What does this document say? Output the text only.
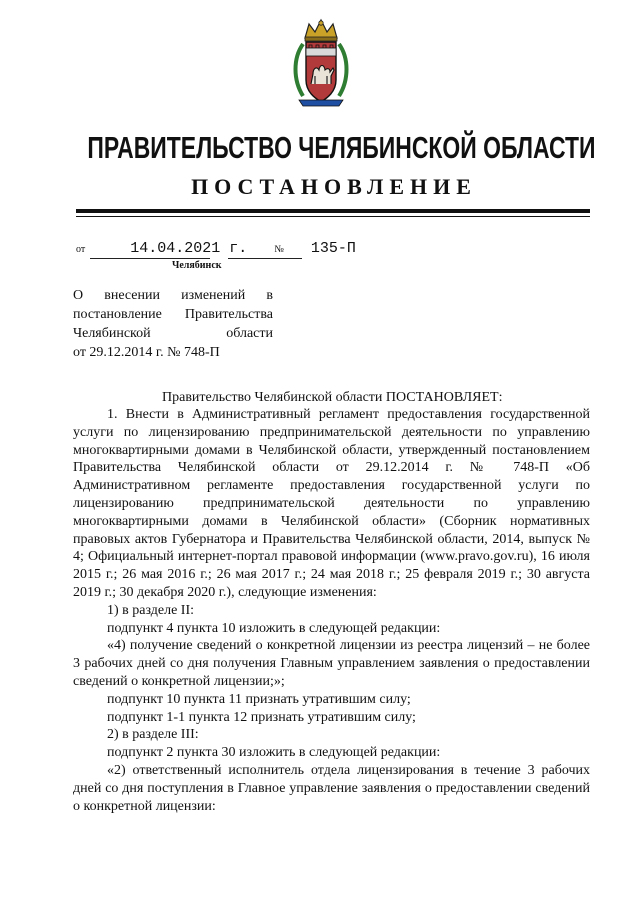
ПРАВИТЕЛЬСТВО ЧЕЛЯБИНСКОЙ ОБЛАСТИ
ПОСТАНОВЛЕНИЕ
от	14.04.2021 г.	№ 135-П
Челябинск
О внесении изменений в
постановление Правительства
Челябинской области
от 29.12.2014 г. № 748-П
Правительство Челябинской области ПОСТАНОВЛЯЕТ:

1. Внести в Административный регламент предоставления государственной услуги по лицензированию предпринимательской деятельности по управлению многоквартирными домами в Челябинской области, утвержденный постановлением Правительства Челябинской области от 29.12.2014 г. № 748-П «Об Административном регламенте предоставления государственной услуги по лицензированию предпринимательской деятельности по управлению многоквартирными домами в Челябинской области» (Сборник нормативных правовых актов Губернатора и Правительства Челябинской области, 2014, выпуск № 4; Официальный интернет-портал правовой информации (www.pravo.gov.ru), 16 июля 2015 г.; 26 мая 2016 г.; 26 мая 2017 г.; 24 мая 2018 г.; 25 февраля 2019 г.; 30 августа 2019 г.; 30 декабря 2020 г.), следующие изменения:

1) в разделе II:

подпункт 4 пункта 10 изложить в следующей редакции:

«4) получение сведений о конкретной лицензии из реестра лицензий – не более 3 рабочих дней со дня получения Главным управлением заявления о предоставлении сведений о конкретной лицензии;»;

подпункт 10 пункта 11 признать утратившим силу;

подпункт 1-1 пункта 12 признать утратившим силу;

2) в разделе III:

подпункт 2 пункта 30 изложить в следующей редакции:

«2) ответственный исполнитель отдела лицензирования в течение 3 рабочих дней со дня поступления в Главное управление заявления о предоставлении сведений о конкретной лицензии:
